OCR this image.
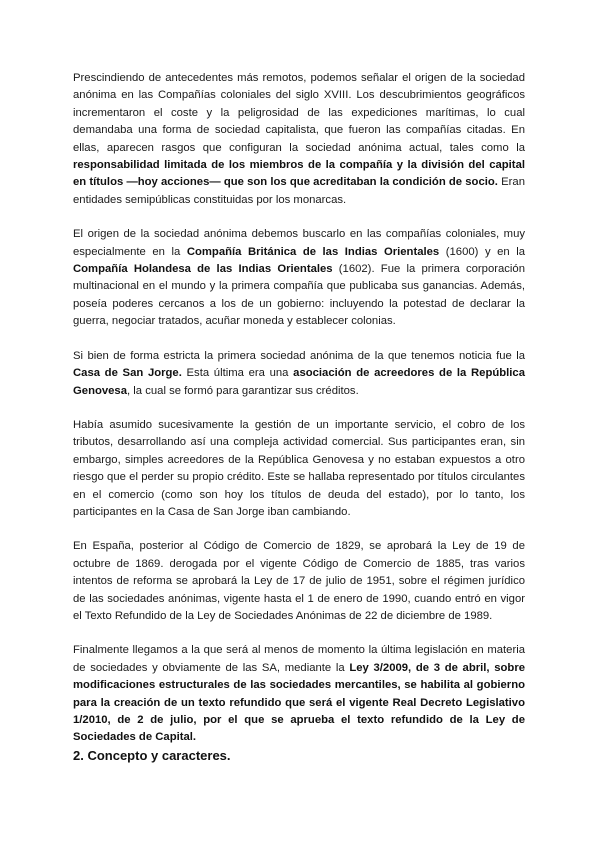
Prescindiendo de antecedentes más remotos, podemos señalar el origen de la sociedad anónima en las Compañías coloniales del siglo XVIII. Los descubrimientos geográficos incrementaron el coste y la peligrosidad de las expediciones marítimas, lo cual demandaba una forma de sociedad capitalista, que fueron las compañías citadas. En ellas, aparecen rasgos que configuran la sociedad anónima actual, tales como la responsabilidad limitada de los miembros de la compañía y la división del capital en títulos —hoy acciones— que son los que acreditaban la condición de socio. Eran entidades semipúblicas constituidas por los monarcas.

El origen de la sociedad anónima debemos buscarlo en las compañías coloniales, muy especialmente en la Compañía Británica de las Indias Orientales (1600) y en la Compañía Holandesa de las Indias Orientales (1602). Fue la primera corporación multinacional en el mundo y la primera compañía que publicaba sus ganancias. Además, poseía poderes cercanos a los de un gobierno: incluyendo la potestad de declarar la guerra, negociar tratados, acuñar moneda y establecer colonias.

Si bien de forma estricta la primera sociedad anónima de la que tenemos noticia fue la Casa de San Jorge. Esta última era una asociación de acreedores de la República Genovesa, la cual se formó para garantizar sus créditos.

Había asumido sucesivamente la gestión de un importante servicio, el cobro de los tributos, desarrollando así una compleja actividad comercial. Sus participantes eran, sin embargo, simples acreedores de la República Genovesa y no estaban expuestos a otro riesgo que el perder su propio crédito. Este se hallaba representado por títulos circulantes en el comercio (como son hoy los títulos de deuda del estado), por lo tanto, los participantes en la Casa de San Jorge iban cambiando.

En España, posterior al Código de Comercio de 1829, se aprobará la Ley de 19 de octubre de 1869. derogada por el vigente Código de Comercio de 1885, tras varios intentos de reforma se aprobará la Ley de 17 de julio de 1951, sobre el régimen jurídico de las sociedades anónimas, vigente hasta el 1 de enero de 1990, cuando entró en vigor el Texto Refundido de la Ley de Sociedades Anónimas de 22 de diciembre de 1989.

Finalmente llegamos a la que será al menos de momento la última legislación en materia de sociedades y obviamente de las SA, mediante la Ley 3/2009, de 3 de abril, sobre modificaciones estructurales de las sociedades mercantiles, se habilita al gobierno para la creación de un texto refundido que será el vigente Real Decreto Legislativo 1/2010, de 2 de julio, por el que se aprueba el texto refundido de la Ley de Sociedades de Capital.

2. Concepto y caracteres.
